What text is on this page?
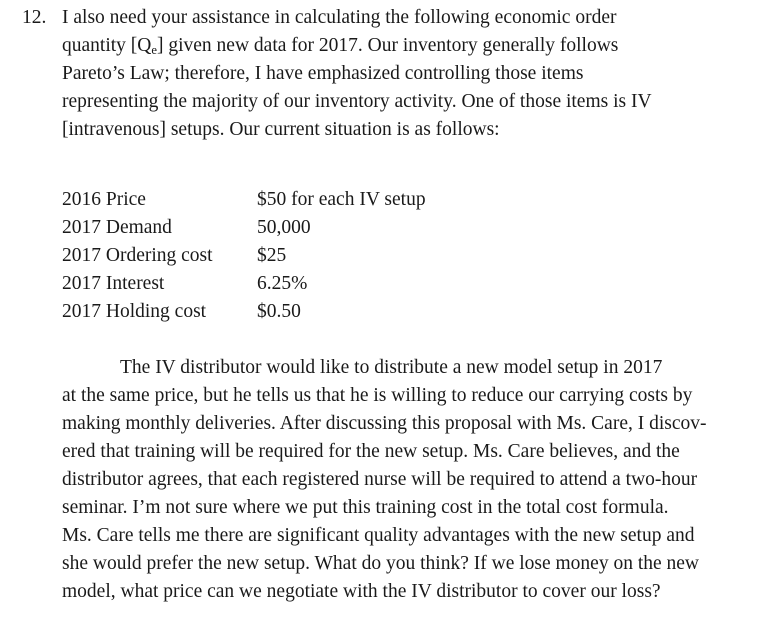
12. I also need your assistance in calculating the following economic order
quantity $[Q_e]$ given new data for 2017. Our inventory generally follows
Pareto’s Law; therefore, I have emphasized controlling those items
representing the majority of our inventory activity. One of those items is IV
[intravenous] setups. Our current situation is as follows:
2016 Price	$50 for each IV setup
2017 Demand	50,000
2017 Ordering cost	$25
2017 Interest	6.25%
2017 Holding cost	$0.50
The IV distributor would like to distribute a new model setup in 2017
at the same price, but he tells us that he is willing to reduce our carrying costs by
making monthly deliveries. After discussing this proposal with Ms. Care, I discov-
ered that training will be required for the new setup. Ms. Care believes, and the
distributor agrees, that each registered nurse will be required to attend a two-hour
seminar. I’m not sure where we put this training cost in the total cost formula.
Ms. Care tells me there are significant quality advantages with the new setup and
she would prefer the new setup. What do you think? If we lose money on the new
model, what price can we negotiate with the IV distributor to cover our loss?
